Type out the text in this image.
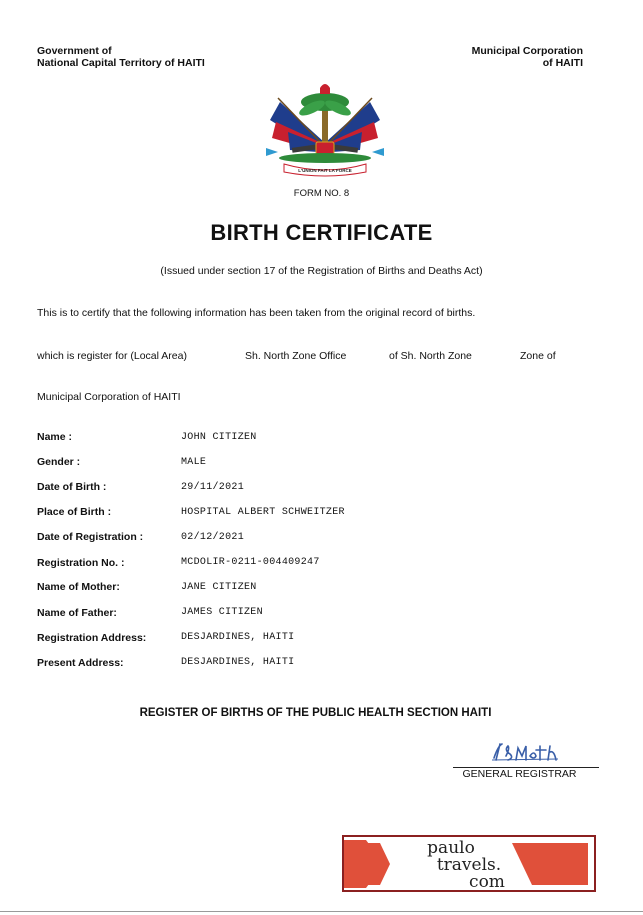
Government of
National Capital Territory of HAITI
Municipal Corporation
of HAITI
L'UNION FAIT LA FORCE
FORM NO. 8
BIRTH CERTIFICATE
(Issued under section 17 of the Registration of Births and Deaths Act)
This is to certify that the following information has been taken from the original record of births.
which is register for (Local Area)	Sh. North Zone Office	of Sh. North Zone	Zone of
Municipal Corporation of HAITI
Name :	JOHN CITIZEN
Gender :	MALE
Date of Birth :	29/11/2021
Place of Birth :	HOSPITAL ALBERT SCHWEITZER
Date of Registration :	02/12/2021
Registration No. :	MCDOLIR-0211-004409247
Name of Mother:	JANE CITIZEN
Name of Father:	JAMES CITIZEN
Registration Address:	DESJARDINES, HAITI
Present Address:	DESJARDINES, HAITI
REGISTER OF BIRTHS OF THE PUBLIC HEALTH SECTION HAITI
GENERAL REGISTRAR
paulo
travels.
com
